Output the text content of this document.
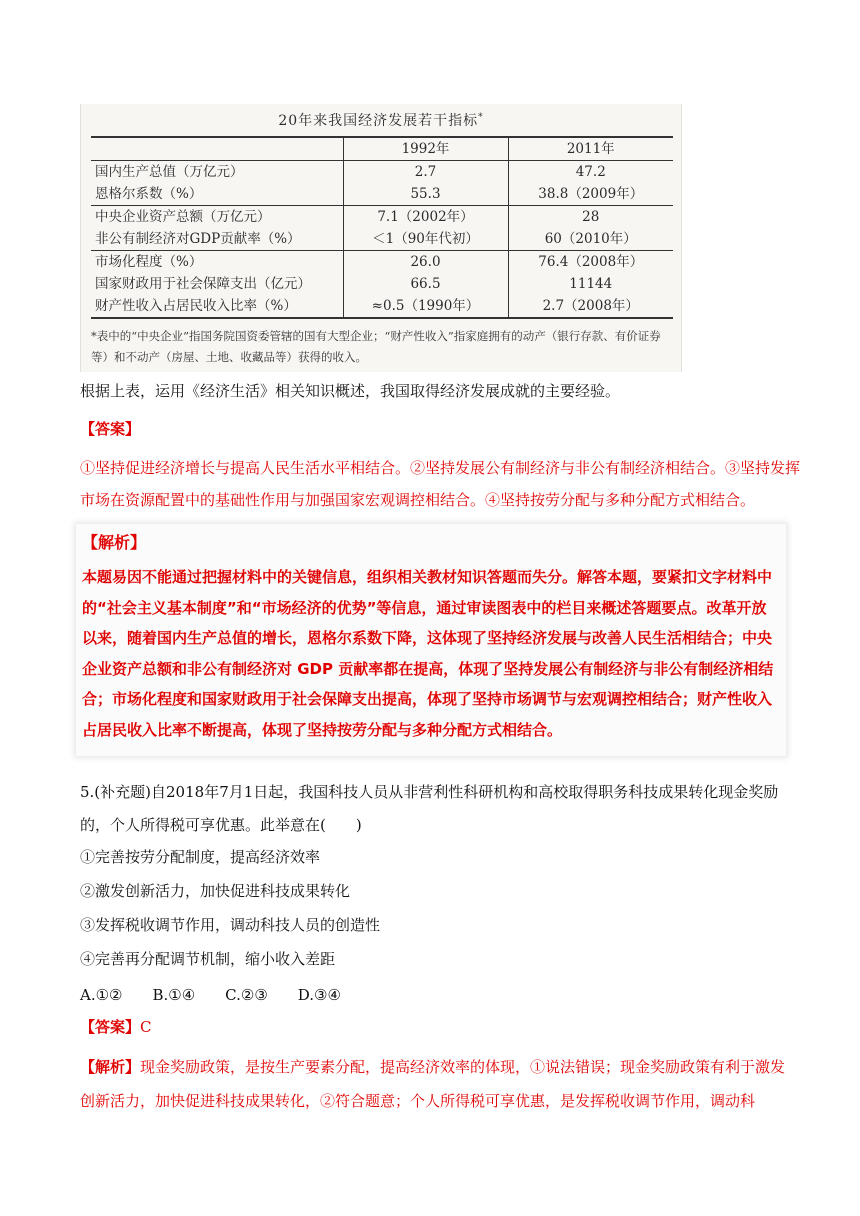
20年来我国经济发展若干指标*
	1992年	2011年
国内生产总值（万亿元）	2.7	47.2
恩格尔系数（%）	55.3	38.8（2009年）
中央企业资产总额（万亿元）	7.1（2002年）	28
非公有制经济对GDP贡献率（%）	＜1（90年代初）	60（2010年）
市场化程度（%）	26.0	76.4（2008年）
国家财政用于社会保障支出（亿元）	66.5	11144
财产性收入占居民收入比率（%）	≈0.5（1990年）	2.7（2008年）
*表中的“中央企业”指国务院国资委管辖的国有大型企业；“财产性收入”指家庭拥有的动产（银行存款、有价证券等）和不动产（房屋、土地、收藏品等）获得的收入。
根据上表，运用《经济生活》相关知识概述，我国取得经济发展成就的主要经验。
【答案】
①坚持促进经济增长与提高人民生活水平相结合。②坚持发展公有制经济与非公有制经济相结合。③坚持发挥市场在资源配置中的基础性作用与加强国家宏观调控相结合。④坚持按劳分配与多种分配方式相结合。
【解析】
本题易因不能通过把握材料中的关键信息，组织相关教材知识答题而失分。解答本题，要紧扣文字材料中的“社会主义基本制度”和“市场经济的优势”等信息，通过审读图表中的栏目来概述答题要点。改革开放以来，随着国内生产总值的增长，恩格尔系数下降，这体现了坚持经济发展与改善人民生活相结合；中央企业资产总额和非公有制经济对 GDP 贡献率都在提高，体现了坚持发展公有制经济与非公有制经济相结合；市场化程度和国家财政用于社会保障支出提高，体现了坚持市场调节与宏观调控相结合；财产性收入占居民收入比率不断提高，体现了坚持按劳分配与多种分配方式相结合。
5.(补充题)自2018年7月1日起，我国科技人员从非营利性科研机构和高校取得职务科技成果转化现金奖励的，个人所得税可享优惠。此举意在(　　)
①完善按劳分配制度，提高经济效率
②激发创新活力，加快促进科技成果转化
③发挥税收调节作用，调动科技人员的创造性
④完善再分配调节机制，缩小收入差距
A.①②　　B.①④　　C.②③　　D.③④
【答案】C
【解析】现金奖励政策，是按生产要素分配，提高经济效率的体现，①说法错误；现金奖励政策有利于激发创新活力，加快促进科技成果转化，②符合题意；个人所得税可享优惠，是发挥税收调节作用，调动科
